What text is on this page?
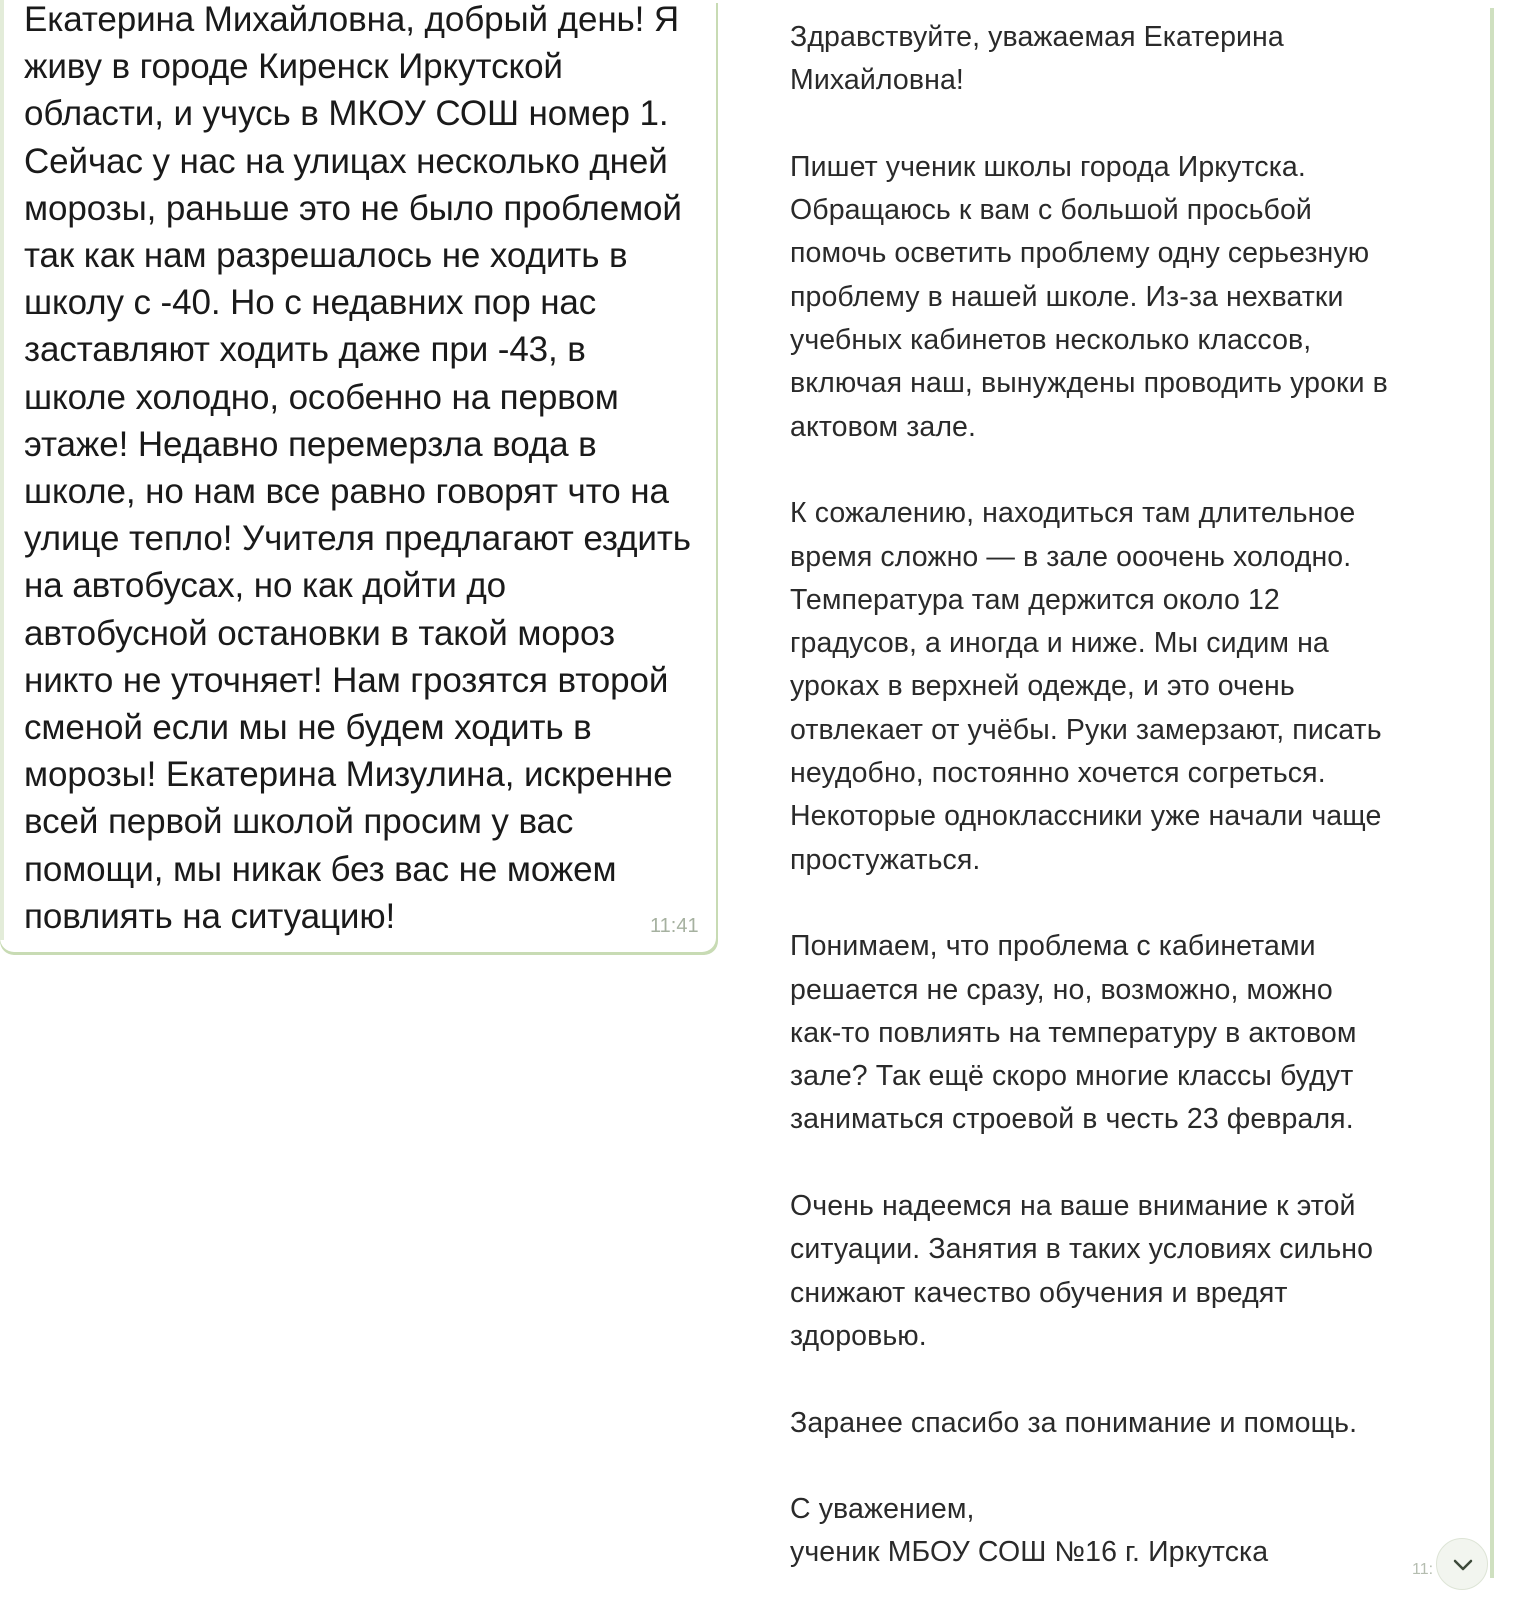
Екатерина Михайловна, добрый день! Я
живу в городе Киренск Иркутской
области, и учусь в МКОУ СОШ номер 1.
Сейчас у нас на улицах несколько дней
морозы, раньше это не было проблемой
так как нам разрешалось не ходить в
школу с -40. Но с недавних пор нас
заставляют ходить даже при -43, в
школе холодно, особенно на первом
этаже! Недавно перемерзла вода в
школе, но нам все равно говорят что на
улице тепло! Учителя предлагают ездить
на автобусах, но как дойти до
автобусной остановки в такой мороз
никто не уточняет! Нам грозятся второй
сменой если мы не будем ходить в
морозы! Екатерина Мизулина, искренне
всей первой школой просим у вас
помощи, мы никак без вас не можем
повлиять на ситуацию!	11:41

Здравствуйте, уважаемая Екатерина
Михайловна!

Пишет ученик школы города Иркутска.
Обращаюсь к вам с большой просьбой
помочь осветить проблему одну серьезную
проблему в нашей школе. Из-за нехватки
учебных кабинетов несколько классов,
включая наш, вынуждены проводить уроки в
актовом зале.

К сожалению, находиться там длительное
время сложно — в зале ооочень холодно.
Температура там держится около 12
градусов, а иногда и ниже. Мы сидим на
уроках в верхней одежде, и это очень
отвлекает от учёбы. Руки замерзают, писать
неудобно, постоянно хочется согреться.
Некоторые одноклассники уже начали чаще
простужаться.

Понимаем, что проблема с кабинетами
решается не сразу, но, возможно, можно
как-то повлиять на температуру в актовом
зале? Так ещё скоро многие классы будут
заниматься строевой в честь 23 февраля.

Очень надеемся на ваше внимание к этой
ситуации. Занятия в таких условиях сильно
снижают качество обучения и вредят
здоровью.

Заранее спасибо за понимание и помощь.

С уважением,
ученик МБОУ СОШ №16 г. Иркутска

11:
